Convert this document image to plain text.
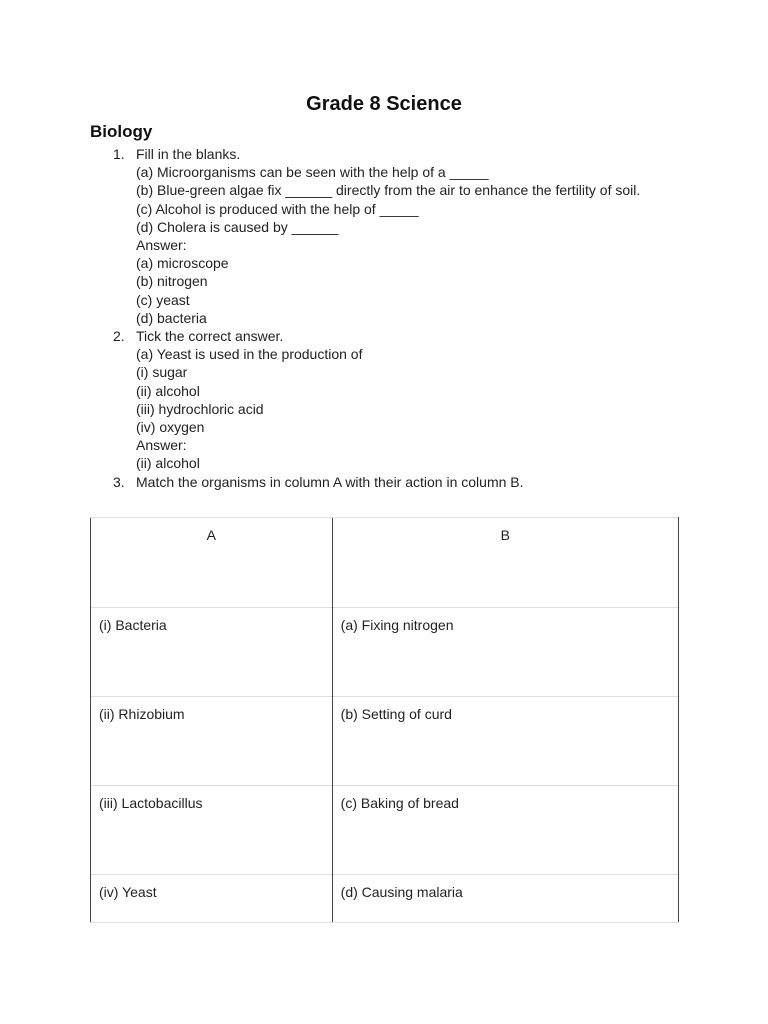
Grade 8 Science
Biology
1. Fill in the blanks.
(a) Microorganisms can be seen with the help of a _____
(b) Blue-green algae fix ______ directly from the air to enhance the fertility of soil.
(c) Alcohol is produced with the help of _____
(d) Cholera is caused by ______
Answer:
(a) microscope
(b) nitrogen
(c) yeast
(d) bacteria
2. Tick the correct answer.
(a) Yeast is used in the production of
(i) sugar
(ii) alcohol
(iii) hydrochloric acid
(iv) oxygen
Answer:
(ii) alcohol
3. Match the organisms in column A with their action in column B.
A	B
(i) Bacteria	(a) Fixing nitrogen
(ii) Rhizobium	(b) Setting of curd
(iii) Lactobacillus	(c) Baking of bread
(iv) Yeast	(d) Causing malaria
